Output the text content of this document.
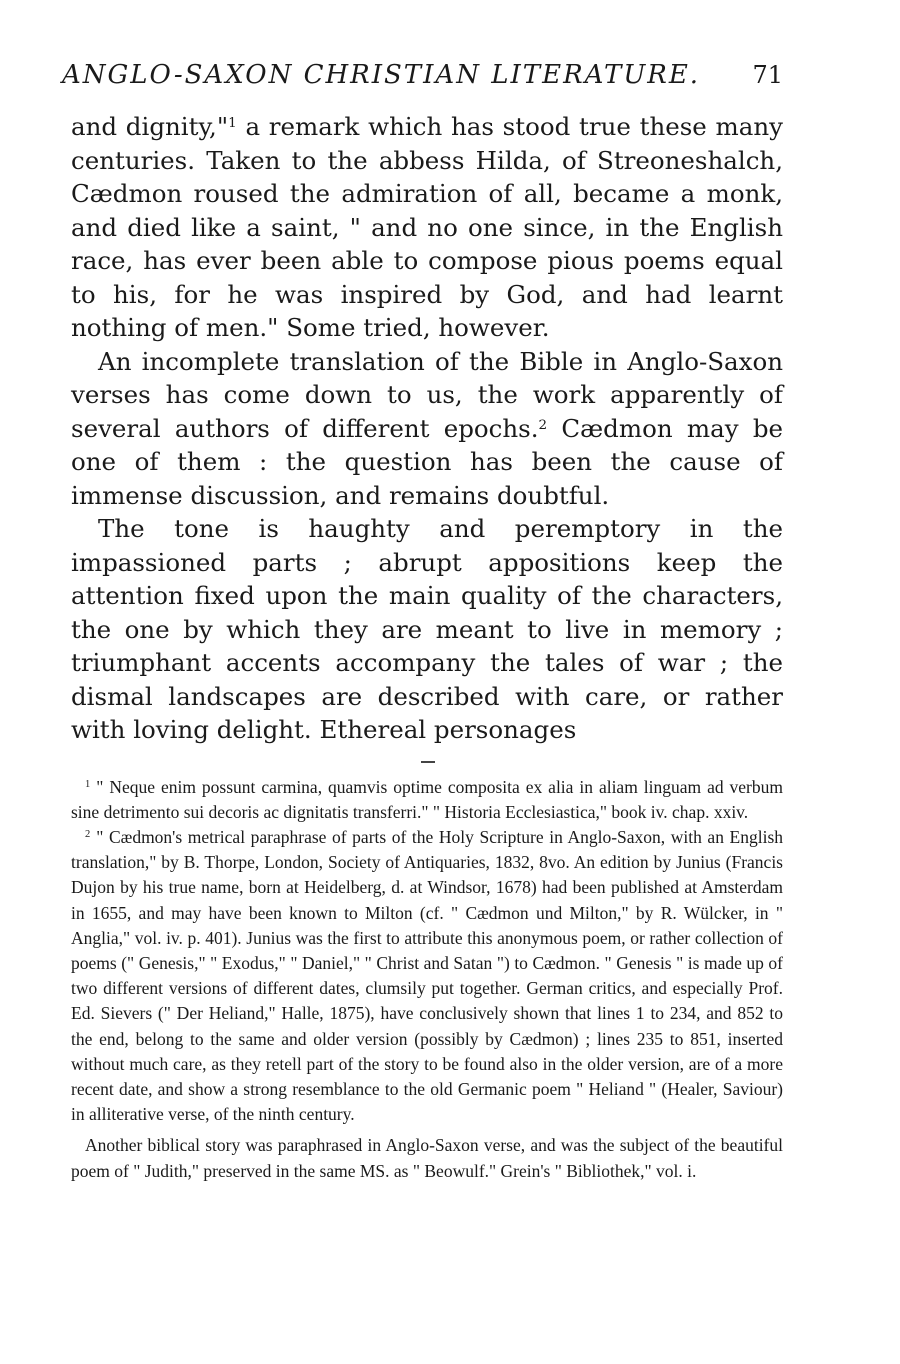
ANGLO-SAXON CHRISTIAN LITERATURE. 71

and dignity,"$^1$ a remark which has stood true these many centuries. Taken to the abbess Hilda, of Streoneshalch, Cædmon roused the admiration of all, became a monk, and died like a saint, " and no one since, in the English race, has ever been able to compose pious poems equal to his, for he was inspired by God, and had learnt nothing of men." Some tried, however.

An incomplete translation of the Bible in Anglo-Saxon verses has come down to us, the work apparently of several authors of different epochs.$^2$ Cædmon may be one of them : the question has been the cause of immense discussion, and remains doubtful.

The tone is haughty and peremptory in the impassioned parts ; abrupt appositions keep the attention fixed upon the main quality of the characters, the one by which they are meant to live in memory ; triumphant accents accompany the tales of war ; the dismal landscapes are described with care, or rather with loving delight. Ethereal personages

$^1$ " Neque enim possunt carmina, quamvis optime composita ex alia in aliam linguam ad verbum sine detrimento sui decoris ac dignitatis transferri." " Historia Ecclesiastica," book iv. chap. xxiv.

$^2$ " Cædmon's metrical paraphrase of parts of the Holy Scripture in Anglo-Saxon, with an English translation," by B. Thorpe, London, Society of Antiquaries, 1832, 8vo. An edition by Junius (Francis Dujon by his true name, born at Heidelberg, d. at Windsor, 1678) had been published at Amsterdam in 1655, and may have been known to Milton (cf. " Cædmon und Milton," by R. Wülcker, in " Anglia," vol. iv. p. 401). Junius was the first to attribute this anonymous poem, or rather collection of poems (" Genesis," " Exodus," " Daniel," " Christ and Satan ") to Cædmon. " Genesis " is made up of two different versions of different dates, clumsily put together. German critics, and especially Prof. Ed. Sievers (" Der Heliand," Halle, 1875), have conclusively shown that lines 1 to 234, and 852 to the end, belong to the same and older version (possibly by Cædmon) ; lines 235 to 851, inserted without much care, as they retell part of the story to be found also in the older version, are of a more recent date, and show a strong resemblance to the old Germanic poem " Heliand " (Healer, Saviour) in alliterative verse, of the ninth century.

Another biblical story was paraphrased in Anglo-Saxon verse, and was the subject of the beautiful poem of " Judith," preserved in the same MS. as " Beowulf." Grein's " Bibliothek," vol. i.
